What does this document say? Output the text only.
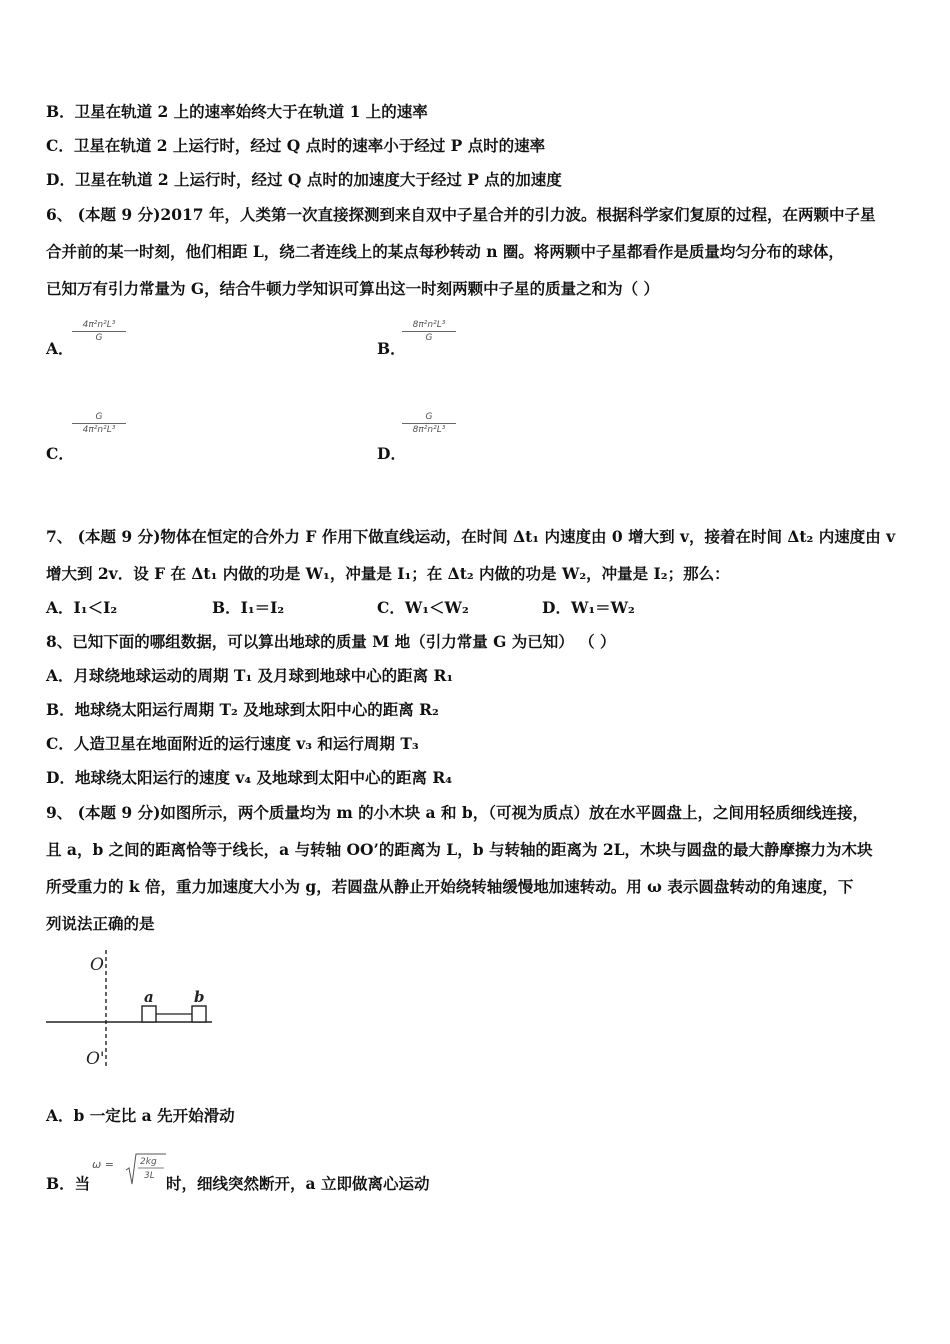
B．卫星在轨道 2 上的速率始终大于在轨道 1 上的速率
C．卫星在轨道 2 上运行时，经过 Q 点时的速率小于经过 P 点时的速率
D．卫星在轨道 2 上运行时，经过 Q 点时的加速度大于经过 P 点的加速度
6、 (本题 9 分)2017 年，人类第一次直接探测到来自双中子星合并的引力波。根据科学家们复原的过程，在两颗中子星
合并前的某一时刻，他们相距 L，绕二者连线上的某点每秒转动 n 圈。将两颗中子星都看作是质量均匀分布的球体，
已知万有引力常量为 G，结合牛顿力学知识可算出这一时刻两颗中子星的质量之和为（ ）
A．
4π²n²L³
G
B．
8π²n²L³
G
C．
G
4π²n²L³
D．
G
8π²n²L³
7、 (本题 9 分)物体在恒定的合外力 F 作用下做直线运动，在时间 Δt₁ 内速度由 0 增大到 v，接着在时间 Δt₂ 内速度由 v
增大到 2v．设 F 在 Δt₁ 内做的功是 W₁，冲量是 I₁；在 Δt₂ 内做的功是 W₂，冲量是 I₂；那么：
A．I₁＜I₂	B．I₁＝I₂	C．W₁＜W₂	D．W₁＝W₂
8、已知下面的哪组数据，可以算出地球的质量 M 地（引力常量 G 为已知） （ ）
A．月球绕地球运动的周期 T₁ 及月球到地球中心的距离 R₁
B．地球绕太阳运行周期 T₂ 及地球到太阳中心的距离 R₂
C．人造卫星在地面附近的运行速度 v₃ 和运行周期 T₃
D．地球绕太阳运行的速度 v₄ 及地球到太阳中心的距离 R₄
9、 (本题 9 分)如图所示，两个质量均为 m 的小木块 a 和 b，（可视为质点）放在水平圆盘上，之间用轻质细线连接，
且 a，b 之间的距离恰等于线长，a 与转轴 OO’的距离为 L，b 与转轴的距离为 2L，木块与圆盘的最大静摩擦力为木块
所受重力的 k 倍，重力加速度大小为 g，若圆盘从静止开始绕转轴缓慢地加速转动。用 ω 表示圆盘转动的角速度，下
列说法正确的是
O
O'
a	b
A．b 一定比 a 先开始滑动
B．当
ω =	2kg
3L 时，细线突然断开，a 立即做离心运动
